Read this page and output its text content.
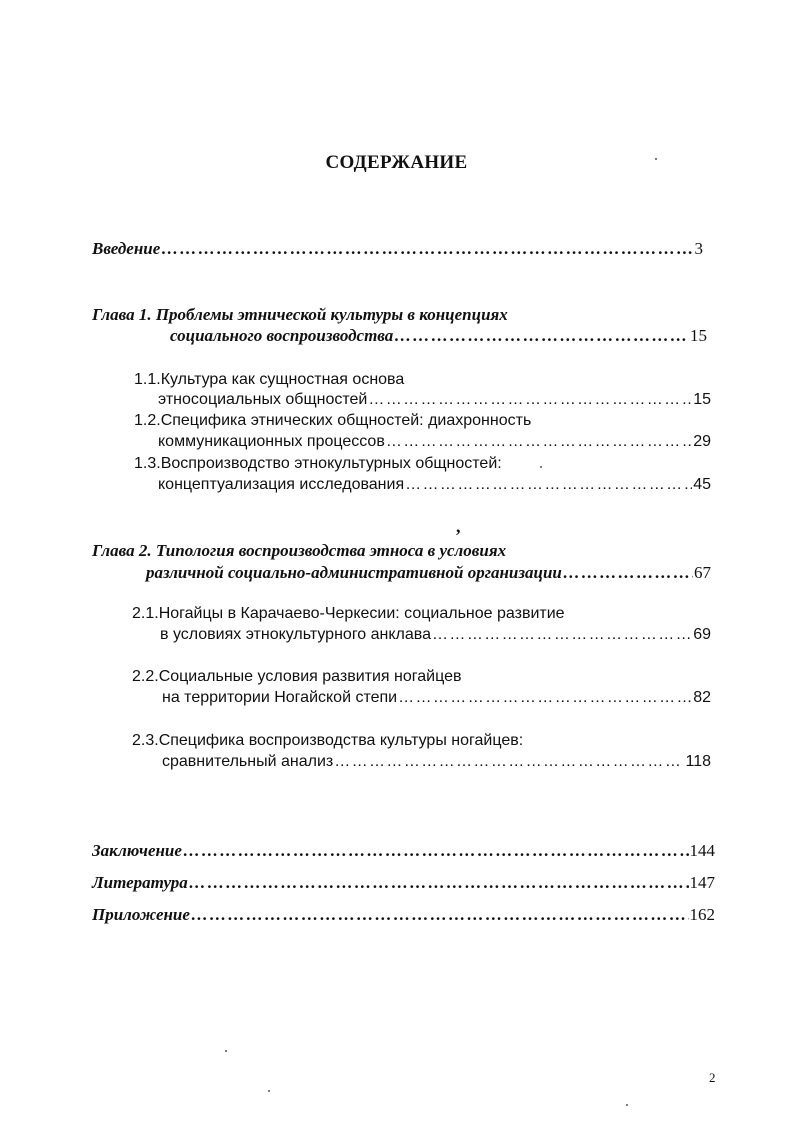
СОДЕРЖАНИЕ
Введение ……………………………………………………………………………………………………………………………………………………………………	3
Глава 1. Проблемы этнической культуры в концепциях
социального воспроизводства ……………………………………………………………………………………………………………………………………………………………………	15
1.1.Культура как сущностная основа
этносоциальных общностей ……………………………………………………………………………………………………………………………………………………………………	15
1.2.Специфика этнических общностей: диахронность
коммуникационных процессов ……………………………………………………………………………………………………………………………………………………………………	29
1.3.Воспроизводство этнокультурных общностей:
концептуализация исследования ……………………………………………………………………………………………………………………………………………………………………	45
,
Глава 2. Типология воспроизводства этноса в условиях
различной социально-административной организации ……………………………………………………………………………………………………………………………………………………………………	67
2.1.Ногайцы в Карачаево-Черкесии: социальное развитие
в условиях этнокультурного анклава ……………………………………………………………………………………………………………………………………………………………………	69
2.2.Социальные условия развития ногайцев
на территории Ногайской степи ……………………………………………………………………………………………………………………………………………………………………	82
2.3.Специфика воспроизводства культуры ногайцев:
сравнительный анализ ……………………………………………………………………………………………………………………………………………………………………	118
Заключение ……………………………………………………………………………………………………………………………………………………………………	144
Литература ……………………………………………………………………………………………………………………………………………………………………	147
Приложение ……………………………………………………………………………………………………………………………………………………………………	162
2
